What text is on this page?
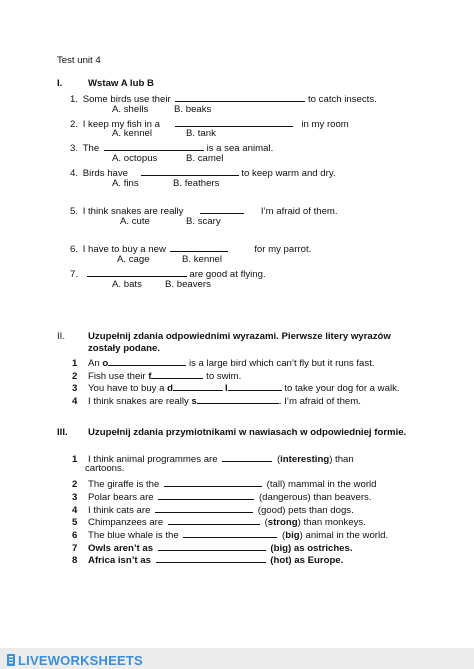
Test unit 4
I.	Wstaw A lub B
1. Some birds use their	to catch insects.
A. shells	B. beaks
2. I keep my fish in a	in my room
A. kennel	B. tank
3. The	is a sea animal.
A. octopus	B. camel
4. Birds have	to keep warm and dry.
A. fins	B. feathers
5. I think snakes are really	I’m afraid of them.
A. cute	B. scary
6. I have to buy a new	for my parrot.
A. cage	B. kennel
7.	are good at flying.
A. bats B. beavers
II. Uzupełnij zdania odpowiednimi wyrazami. Pierwsze litery wyrazów
zostały podane.
1 An o	is a large bird which can’t fly but it runs fast.
2 Fish use their f	to swim.
3 You have to buy a d	l	to take your dog for a walk.
4 I think snakes are really s	. I’m afraid of them.
III. Uzupełnij zdania przymiotnikami w nawiasach w odpowiedniej formie.
1 I think animal programmes are	(interesting) than
cartoons.
2 The giraffe is the	(tall) mammal in the world
3 Polar bears are	(dangerous) than beavers.
4 I think cats are	(good) pets than dogs.
5 Chimpanzees are	(strong) than monkeys.
6 The blue whale is the	(big) animal in the world.
7 Owls aren’t as	(big) as ostriches.
8 Africa isn’t as	(hot) as Europe.
LIVEWORKSHEETS
